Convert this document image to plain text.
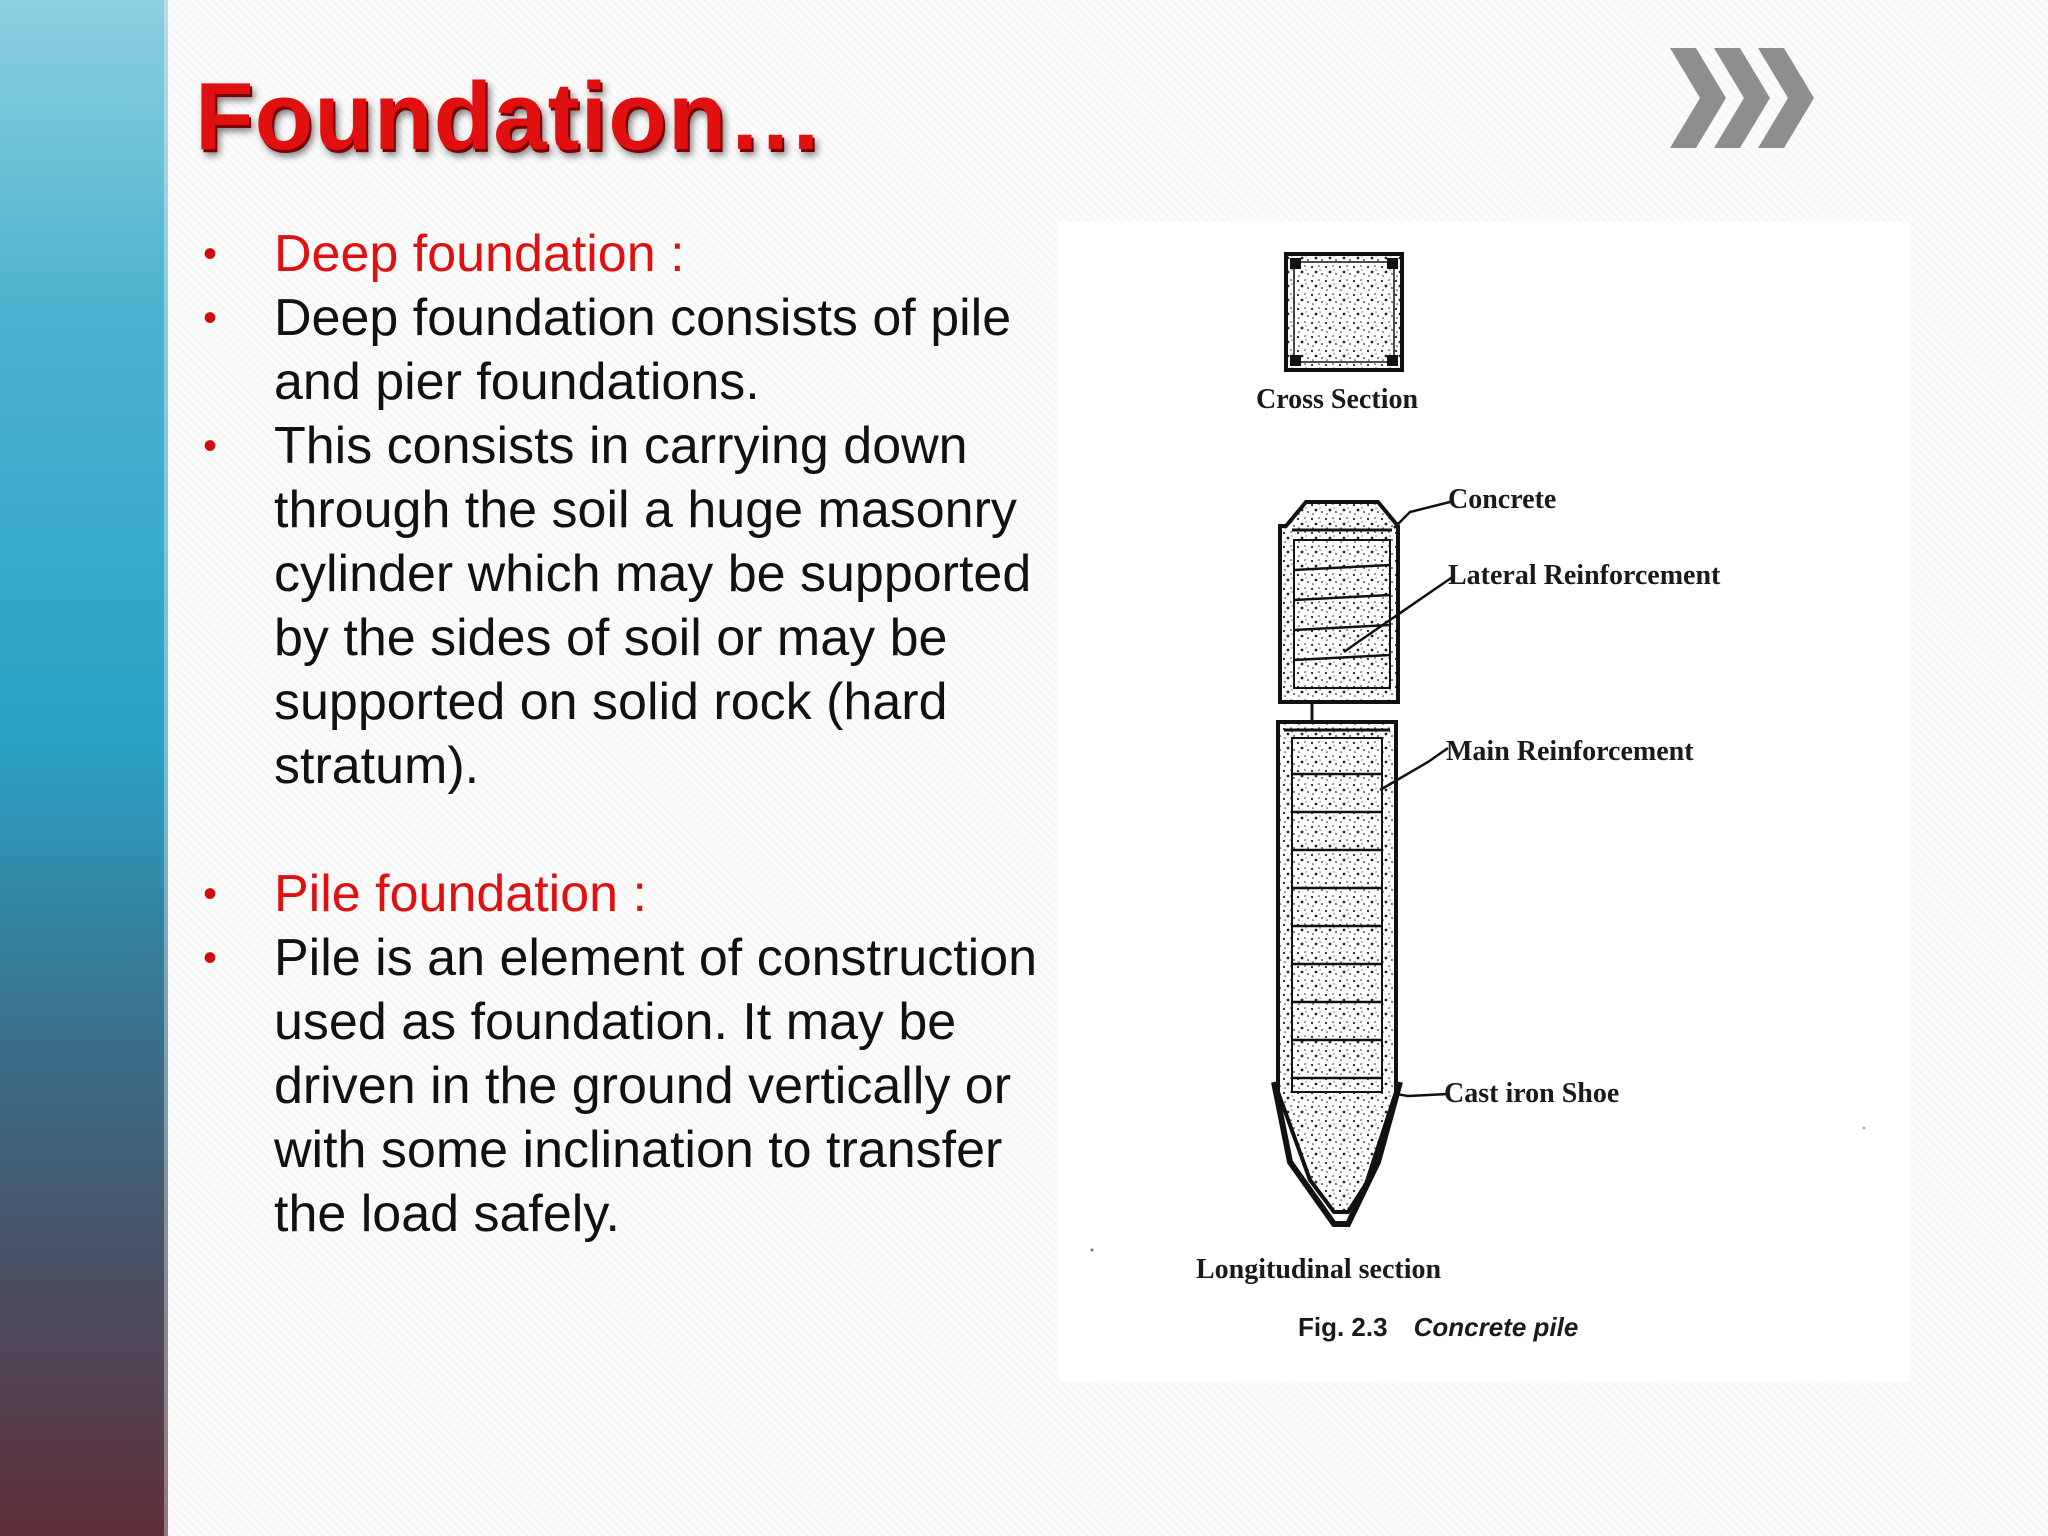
Foundation…
• Deep foundation :
• Deep foundation consists of pile and pier foundations.
• This consists in carrying down through the soil a huge masonry cylinder which may be supported by the sides of soil or may be supported on solid rock (hard stratum).
• Pile foundation :
• Pile is an element of construction used as foundation. It may be driven in the ground vertically or with some inclination to transfer the load safely.
Cross Section
Concrete
Lateral Reinforcement
Main Reinforcement
Cast iron Shoe
Longitudinal section
Fig. 2.3 Concrete pile
